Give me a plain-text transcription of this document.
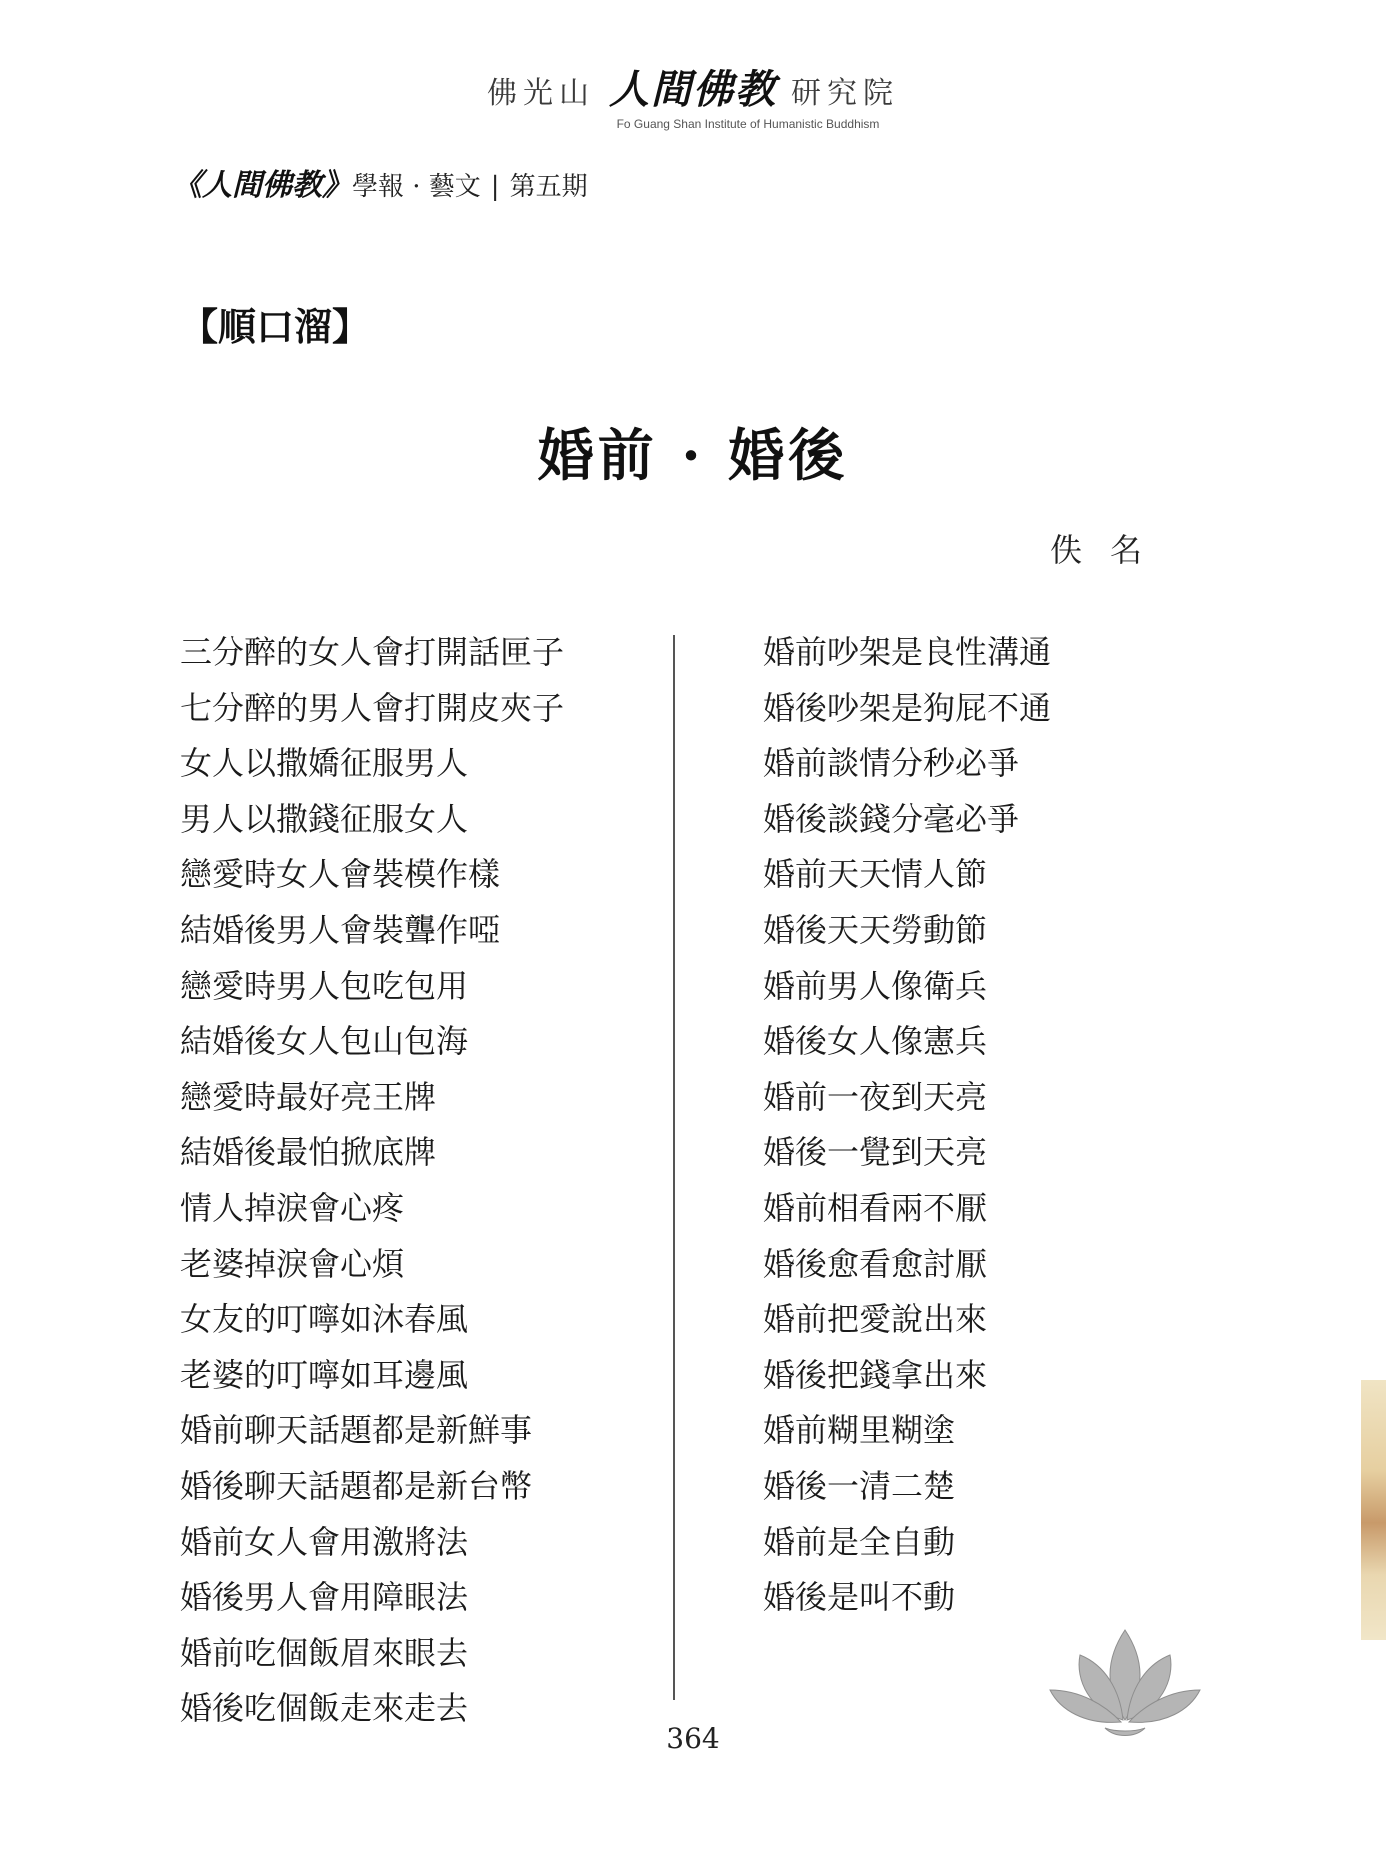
佛光山 人間佛教 研究院
Fo Guang Shan Institute of Humanistic Buddhism
《人間佛教》 學報 · 藝文 | 第五期
【順口溜】
婚前 · 婚後
佚名
三分醉的女人會打開話匣子
七分醉的男人會打開皮夾子
女人以撒嬌征服男人
男人以撒錢征服女人
戀愛時女人會裝模作樣
結婚後男人會裝聾作啞
戀愛時男人包吃包用
結婚後女人包山包海
戀愛時最好亮王牌
結婚後最怕掀底牌
情人掉淚會心疼
老婆掉淚會心煩
女友的叮嚀如沐春風
老婆的叮嚀如耳邊風
婚前聊天話題都是新鮮事
婚後聊天話題都是新台幣
婚前女人會用激將法
婚後男人會用障眼法
婚前吃個飯眉來眼去
婚後吃個飯走來走去
婚前吵架是良性溝通
婚後吵架是狗屁不通
婚前談情分秒必爭
婚後談錢分毫必爭
婚前天天情人節
婚後天天勞動節
婚前男人像衛兵
婚後女人像憲兵
婚前一夜到天亮
婚後一覺到天亮
婚前相看兩不厭
婚後愈看愈討厭
婚前把愛說出來
婚後把錢拿出來
婚前糊里糊塗
婚後一清二楚
婚前是全自動
婚後是叫不動
364
